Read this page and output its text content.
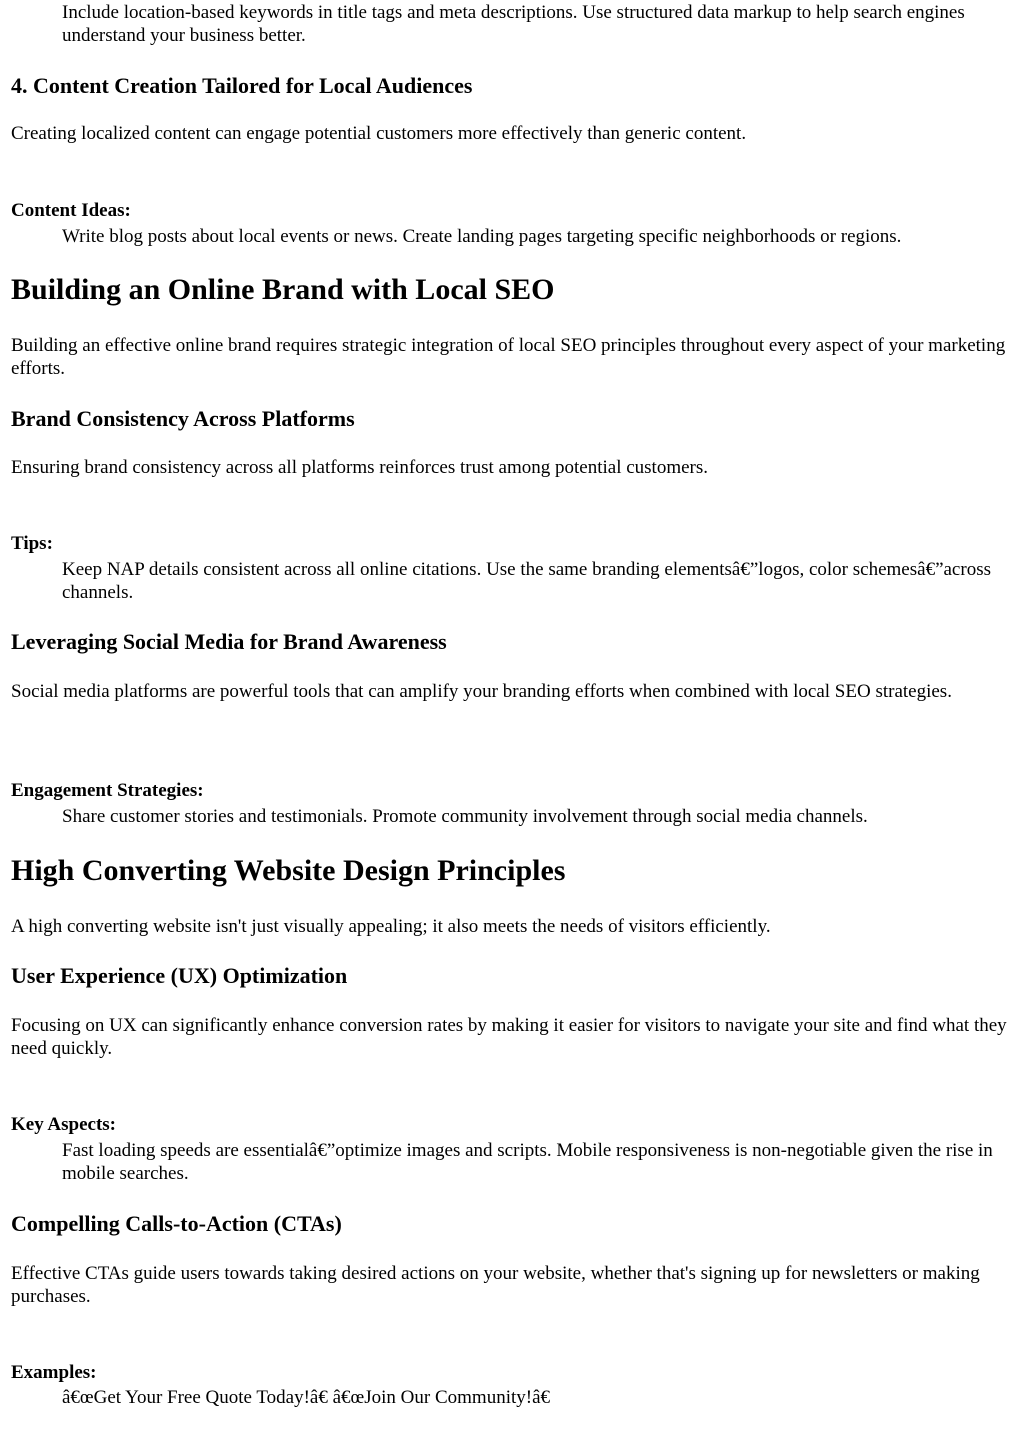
Include location-based keywords in title tags and meta descriptions. Use structured data markup to help search engines understand your business better.
4. Content Creation Tailored for Local Audiences

Creating localized content can engage potential customers more effectively than generic content.

Content Ideas:
Write blog posts about local events or news. Create landing pages targeting specific neighborhoods or regions.
Building an Online Brand with Local SEO

Building an effective online brand requires strategic integration of local SEO principles throughout every aspect of your marketing efforts.

Brand Consistency Across Platforms

Ensuring brand consistency across all platforms reinforces trust among potential customers.

Tips:
Keep NAP details consistent across all online citations. Use the same branding elementsâ€”logos, color schemesâ€”across channels.
Leveraging Social Media for Brand Awareness

Social media platforms are powerful tools that can amplify your branding efforts when combined with local SEO strategies.

Engagement Strategies:
Share customer stories and testimonials. Promote community involvement through social media channels.
High Converting Website Design Principles

A high converting website isn't just visually appealing; it also meets the needs of visitors efficiently.

User Experience (UX) Optimization

Focusing on UX can significantly enhance conversion rates by making it easier for visitors to navigate your site and find what they need quickly.

Key Aspects:
Fast loading speeds are essentialâ€”optimize images and scripts. Mobile responsiveness is non-negotiable given the rise in mobile searches.
Compelling Calls-to-Action (CTAs)

Effective CTAs guide users towards taking desired actions on your website, whether that's signing up for newsletters or making purchases.

Examples:
â€œGet Your Free Quote Today!â€ â€œJoin Our Community!â€
